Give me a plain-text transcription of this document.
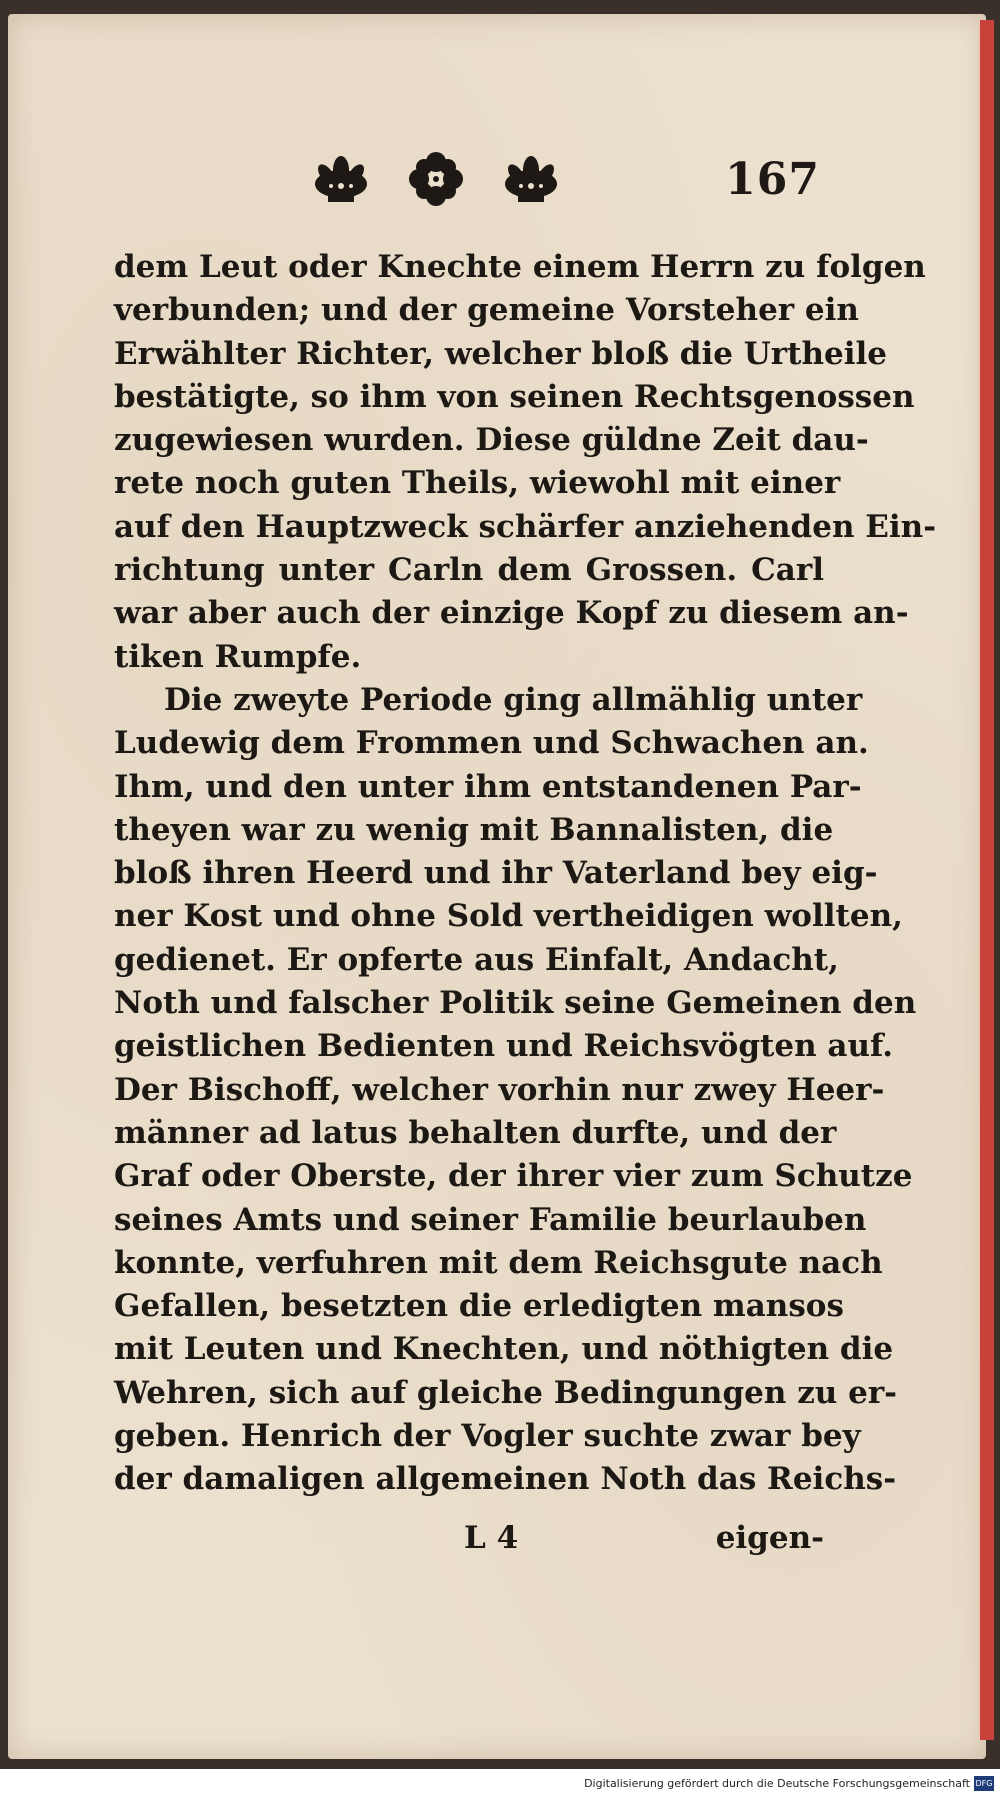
167
dem Leut oder Knechte einem Herrn zu folgen
verbunden; und der gemeine Vorsteher ein
Erwählter Richter, welcher bloß die Urtheile
bestätigte, so ihm von seinen Rechtsgenossen
zugewiesen wurden. Diese güldne Zeit dau-
rete noch guten Theils, wiewohl mit einer
auf den Hauptzweck schärfer anziehenden Ein-
richtung unter Carln dem Grossen. Carl
war aber auch der einzige Kopf zu diesem an-
tiken Rumpfe.
Die zweyte Periode ging allmählig unter
Ludewig dem Frommen und Schwachen an.
Ihm, und den unter ihm entstandenen Par-
theyen war zu wenig mit Bannalisten, die
bloß ihren Heerd und ihr Vaterland bey eig-
ner Kost und ohne Sold vertheidigen wollten,
gedienet. Er opferte aus Einfalt, Andacht,
Noth und falscher Politik seine Gemeinen den
geistlichen Bedienten und Reichsvögten auf.
Der Bischoff, welcher vorhin nur zwey Heer-
männer ad latus behalten durfte, und der
Graf oder Oberste, der ihrer vier zum Schutze
seines Amts und seiner Familie beurlauben
konnte, verfuhren mit dem Reichsgute nach
Gefallen, besetzten die erledigten mansos
mit Leuten und Knechten, und nöthigten die
Wehren, sich auf gleiche Bedingungen zu er-
geben. Henrich der Vogler suchte zwar bey
der damaligen allgemeinen Noth das Reichs-
L 4	eigen-
Digitalisierung gefördert durch die Deutsche Forschungsgemeinschaft DFG
